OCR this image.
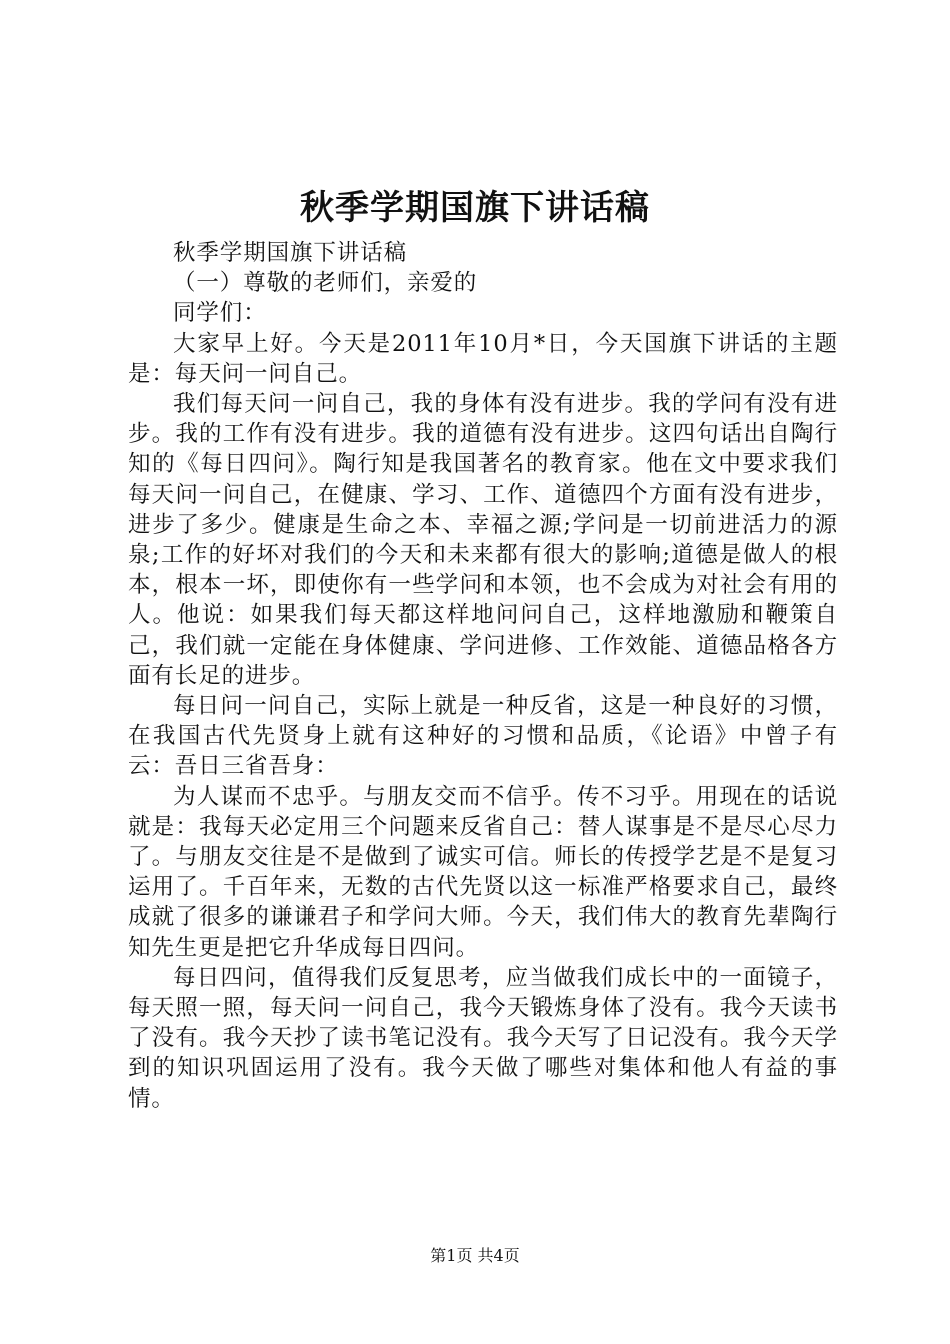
秋季学期国旗下讲话稿

秋季学期国旗下讲话稿

（一）尊敬的老师们，亲爱的

同学们：

大家早上好。今天是2011年10月*日，今天国旗下讲话的主题是：每天问一问自己。

我们每天问一问自己，我的身体有没有进步。我的学问有没有进步。我的工作有没有进步。我的道德有没有进步。这四句话出自陶行知的《每日四问》。陶行知是我国著名的教育家。他在文中要求我们每天问一问自己，在健康、学习、工作、道德四个方面有没有进步，进步了多少。健康是生命之本、幸福之源;学问是一切前进活力的源泉;工作的好坏对我们的今天和未来都有很大的影响;道德是做人的根本，根本一坏，即使你有一些学问和本领，也不会成为对社会有用的人。他说：如果我们每天都这样地问问自己，这样地激励和鞭策自己，我们就一定能在身体健康、学问进修、工作效能、道德品格各方面有长足的进步。

每日问一问自己，实际上就是一种反省，这是一种良好的习惯，在我国古代先贤身上就有这种好的习惯和品质，《论语》中曾子有云：吾日三省吾身：

为人谋而不忠乎。与朋友交而不信乎。传不习乎。用现在的话说就是：我每天必定用三个问题来反省自己：替人谋事是不是尽心尽力了。与朋友交往是不是做到了诚实可信。师长的传授学艺是不是复习运用了。千百年来，无数的古代先贤以这一标准严格要求自己，最终成就了很多的谦谦君子和学问大师。今天，我们伟大的教育先辈陶行知先生更是把它升华成每日四问。

每日四问，值得我们反复思考，应当做我们成长中的一面镜子，每天照一照，每天问一问自己，我今天锻炼身体了没有。我今天读书了没有。我今天抄了读书笔记没有。我今天写了日记没有。我今天学到的知识巩固运用了没有。我今天做了哪些对集体和他人有益的事情。

第1页 共4页
